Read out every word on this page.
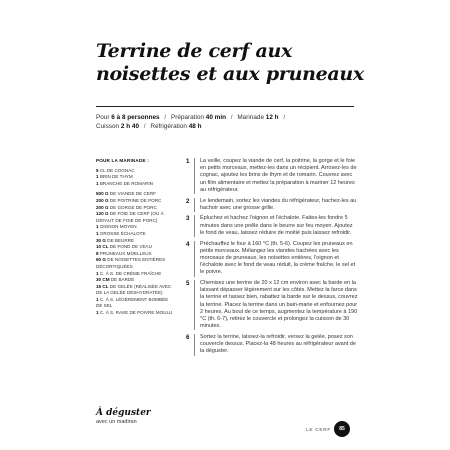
Terrine de cerf aux noisettes et aux pruneaux
Pour 6 à 8 personnes / Préparation 40 min / Marinade 12 h /
Cuisson 2 h 40 / Réfrigération 48 h
POUR LA MARINADE :
5 CL DE COGNAC
1 BRIN DE THYM
1 BRANCHE DE ROMARIN
500 G DE VIANDE DE CERF
200 G DE POITRINE DE PORC
200 G DE GORGE DE PORC
120 G DE FOIE DE CERF (OU À DÉFAUT DE FOIE DE PORC)
1 OIGNON MOYEN
1 GROSSE ÉCHALOTE
30 G DE BEURRE
10 CL DE FOND DE VEAU
8 PRUNEAUX MOELLEUX
60 G DE NOISETTES ENTIÈRES DÉCORTIQUÉES
1 C. À S. DE CRÈME FRAÎCHE
30 CM DE BARDE
15 CL DE GELÉE (RÉALISÉE AVEC DE LA GELÉE DÉSHYDRATÉE)
1 C. À S. LÉGÈREMENT BOMBÉE DE SEL
1 C. À S. RASE DE POIVRE MOULU
1	La veille, coupez la viande de cerf, la poitrine, la gorge et le foie en petits morceaux, mettez-les dans un récipient. Arrosez-les de cognac, ajoutez les brins de thym et de romarin. Couvrez avec un film alimentaire et mettez la préparation à mariner 12 heures au réfrigérateur.
2	Le lendemain, sortez les viandes du réfrigérateur, hachez-les au hachoir avec une grosse grille.
3	Épluchez et hachez l'oignon et l'échalote. Faites-les fondre 5 minutes dans une poêle dans le beurre sur feu moyen. Ajoutez le fond de veau, laissez réduire de moitié puis laissez refroidir.
4	Préchauffez le four à 160 °C (th. 5-6). Coupez les pruneaux en petits morceaux. Mélangez les viandes hachées avec les morceaux de pruneaux, les noisettes entières, l'oignon et l'échalote avec le fond de veau réduit, la crème fraîche, le sel et le poivre.
5	Chemisez une terrine de 20 x 12 cm environ avec la barde en la laissant dépasser légèrement sur les côtés. Mettez la farce dans la terrine et tassez bien, rabattez la barde sur le dessus, couvrez la terrine. Placez la terrine dans un bain-marie et enfournez pour 2 heures. Au bout de ce temps, augmentez la température à 190 °C (th. 6-7), retirez le couvercle et prolongez la cuisson de 30 minutes.
6	Sortez la terrine, laissez-la refroidir, versez la gelée, posez son couvercle dessus. Placez-la 48 heures au réfrigérateur avant de la déguster.
À déguster
avec un madiran
LE CERF	85
